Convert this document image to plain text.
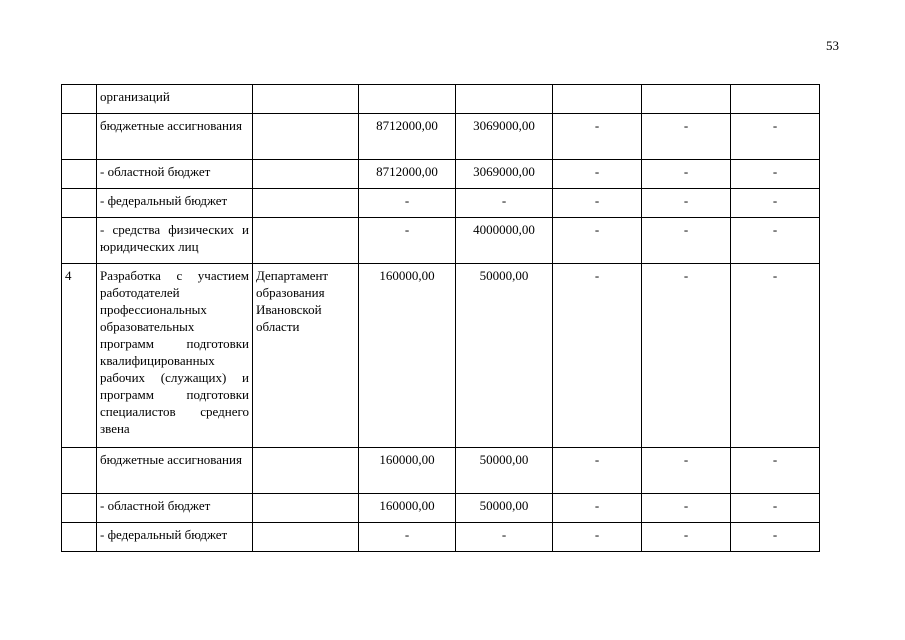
53
	организаций						
	бюджетные ассигнования		8712000,00	3069000,00	-	-	-
	- областной бюджет		8712000,00	3069000,00	-	-	-
	- федеральный бюджет		-	-	-	-	-
	- средства физических и юридических лиц		-	4000000,00	-	-	-
4	Разработка с участием работодателей профессиональных образовательных программ подготовки квалифицированных рабочих (служащих) и программ подготовки специалистов среднего звена	Департамент образования Ивановской области	160000,00	50000,00	-	-	-
	бюджетные ассигнования		160000,00	50000,00	-	-	-
	- областной бюджет		160000,00	50000,00	-	-	-
	- федеральный бюджет		-	-	-	-	-
